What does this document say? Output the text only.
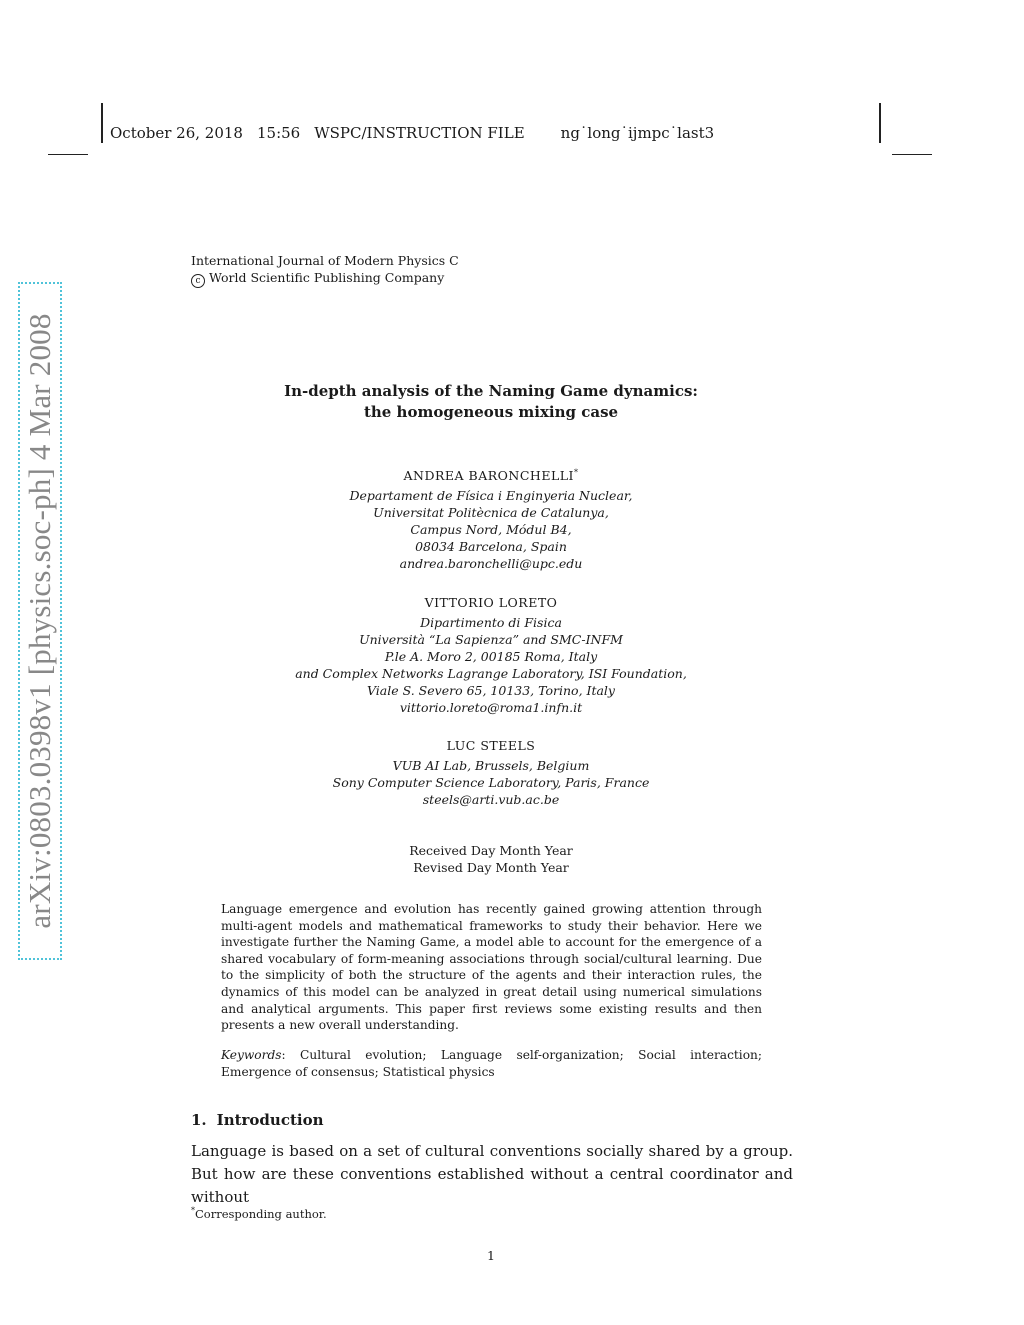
October 26, 2018 15:56 WSPC/INSTRUCTION FILE ng˙long˙ijmpc˙last3
International Journal of Modern Physics C
c World Scientific Publishing Company
arXiv:0803.0398v1 [physics.soc-ph] 4 Mar 2008	In-depth analysis of the Naming Game dynamics:
the homogeneous mixing case
ANDREA BARONCHELLI*
Departament de Física i Enginyeria Nuclear,
Universitat Politècnica de Catalunya,
Campus Nord, Módul B4,
08034 Barcelona, Spain
andrea.baronchelli@upc.edu
VITTORIO LORETO
Dipartimento di Fisica
Università “La Sapienza” and SMC-INFM
P.le A. Moro 2, 00185 Roma, Italy
and Complex Networks Lagrange Laboratory, ISI Foundation,
Viale S. Severo 65, 10133, Torino, Italy
vittorio.loreto@roma1.infn.it
LUC STEELS
VUB AI Lab, Brussels, Belgium
Sony Computer Science Laboratory, Paris, France
steels@arti.vub.ac.be
Received Day Month Year
Revised Day Month Year
Language emergence and evolution has recently gained growing attention through multi-agent models and mathematical frameworks to study their behavior. Here we investigate further the Naming Game, a model able to account for the emergence of a shared vocabulary of form-meaning associations through social/cultural learning. Due to the simplicity of both the structure of the agents and their interaction rules, the dynamics of this model can be analyzed in great detail using numerical simulations and analytical arguments. This paper first reviews some existing results and then presents a new overall understanding.
Keywords: Cultural evolution; Language self-organization; Social interaction; Emergence of consensus; Statistical physics
1. Introduction
Language is based on a set of cultural conventions socially shared by a group. But how are these conventions established without a central coordinator and without
*Corresponding author.
1
